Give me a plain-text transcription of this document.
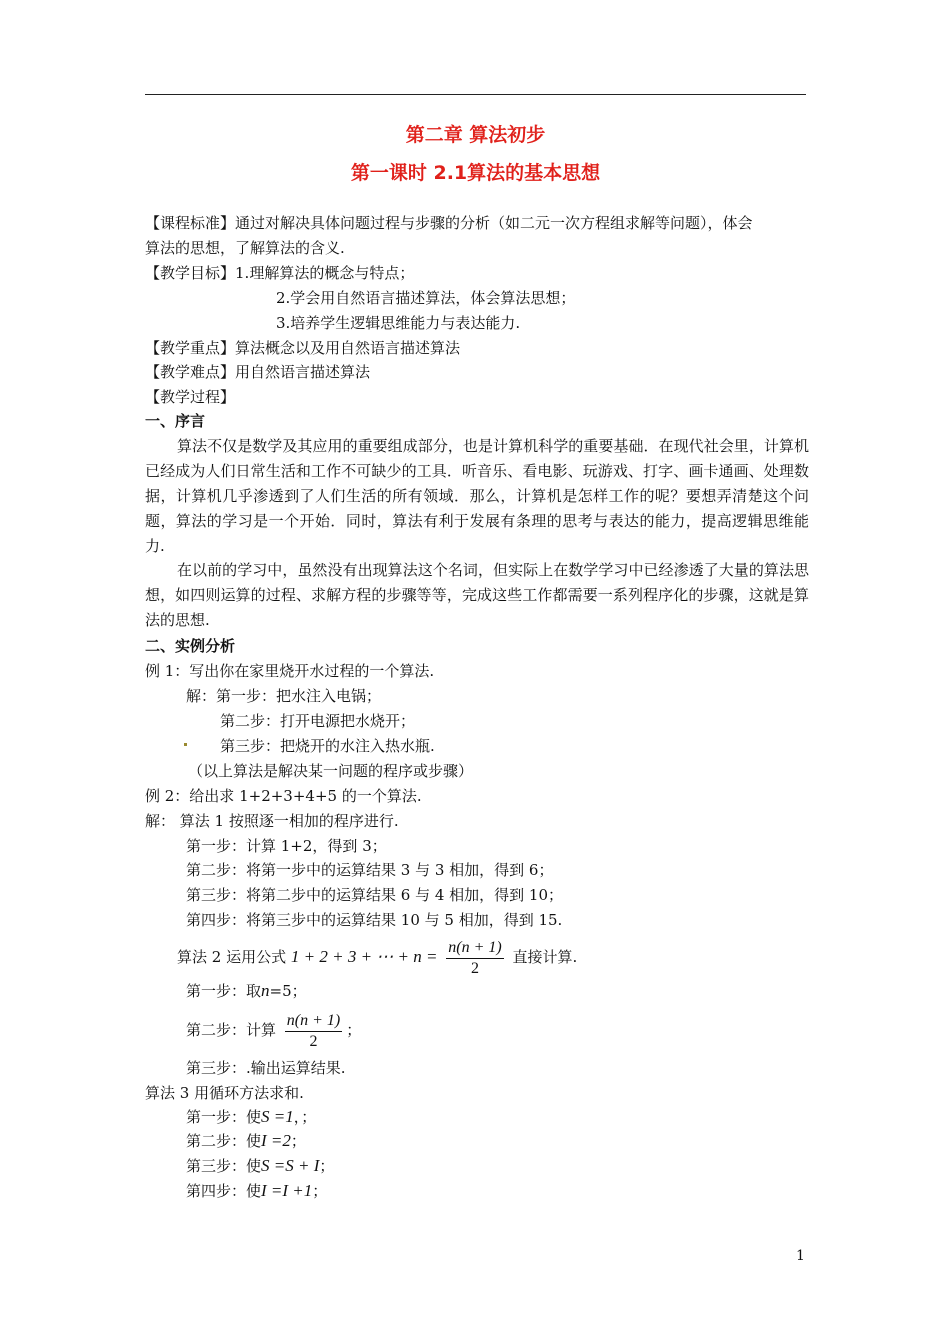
第二章 算法初步
第一课时 2.1算法的基本思想
【课程标准】通过对解决具体问题过程与步骤的分析（如二元一次方程组求解等问题），体会
算法的思想，了解算法的含义.
【教学目标】1.理解算法的概念与特点；
2.学会用自然语言描述算法，体会算法思想；
3.培养学生逻辑思维能力与表达能力.
【教学重点】算法概念以及用自然语言描述算法
【教学难点】用自然语言描述算法
【教学过程】
一、序言
算法不仅是数学及其应用的重要组成部分，也是计算机科学的重要基础．在现代社会里，计算机已经成为人们日常生活和工作不可缺少的工具．听音乐、看电影、玩游戏、打字、画卡通画、处理数据，计算机几乎渗透到了人们生活的所有领域．那么，计算机是怎样工作的呢？要想弄清楚这个问题，算法的学习是一个开始．同时，算法有利于发展有条理的思考与表达的能力，提高逻辑思维能力.
在以前的学习中，虽然没有出现算法这个名词，但实际上在数学学习中已经渗透了大量的算法思想，如四则运算的过程、求解方程的步骤等等，完成这些工作都需要一系列程序化的步骤，这就是算法的思想.
二、实例分析
例 1：写出你在家里烧开水过程的一个算法.
解：第一步：把水注入电锅；
第二步：打开电源把水烧开；
第三步：把烧开的水注入热水瓶.
（以上算法是解决某一问题的程序或步骤）
例 2：给出求 1+2+3+4+5 的一个算法.
解： 算法 1 按照逐一相加的程序进行.
第一步：计算 1+2，得到 3；
第二步：将第一步中的运算结果 3 与 3 相加，得到 6；
第三步：将第二步中的运算结果 6 与 4 相加，得到 10；
第四步：将第三步中的运算结果 10 与 5 相加，得到 15.
算法 2 运用公式 1 + 2 + 3 + ⋯ + $n = \frac{n(n + 1)}{2}$ 直接计算.
第一步：取n=5；
第二步：计算 $\frac{n(n + 1)}{2}$ ；
第三步：.输出运算结果.
算法 3 用循环方法求和.
第一步：使S =1，；
第二步：使I =2；
第三步：使S =S + I；
第四步：使I =I +1；
1
